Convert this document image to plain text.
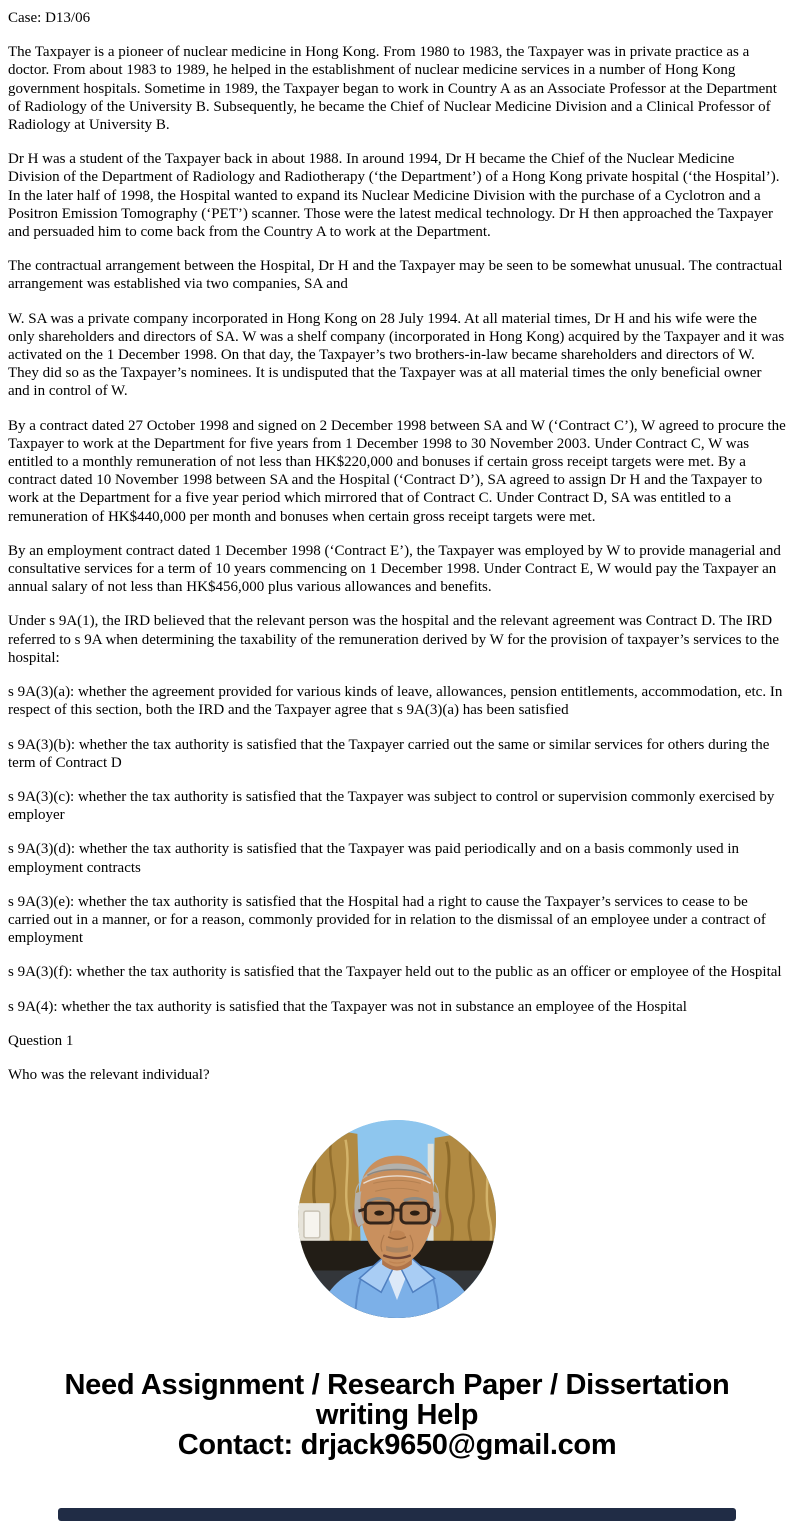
Case: D13/06

The Taxpayer is a pioneer of nuclear medicine in Hong Kong. From 1980 to 1983, the Taxpayer was in private practice as a doctor. From about 1983 to 1989, he helped in the establishment of nuclear medicine services in a number of Hong Kong government hospitals. Sometime in 1989, the Taxpayer began to work in Country A as an Associate Professor at the Department of Radiology of the University B. Subsequently, he became the Chief of Nuclear Medicine Division and a Clinical Professor of Radiology at University B.

Dr H was a student of the Taxpayer back in about 1988. In around 1994, Dr H became the Chief of the Nuclear Medicine Division of the Department of Radiology and Radiotherapy (‘the Department’) of a Hong Kong private hospital (‘the Hospital’). In the later half of 1998, the Hospital wanted to expand its Nuclear Medicine Division with the purchase of a Cyclotron and a Positron Emission Tomography (‘PET’) scanner. Those were the latest medical technology. Dr H then approached the Taxpayer and persuaded him to come back from the Country A to work at the Department.

The contractual arrangement between the Hospital, Dr H and the Taxpayer may be seen to be somewhat unusual. The contractual arrangement was established via two companies, SA and

W. SA was a private company incorporated in Hong Kong on 28 July 1994. At all material times, Dr H and his wife were the only shareholders and directors of SA. W was a shelf company (incorporated in Hong Kong) acquired by the Taxpayer and it was activated on the 1 December 1998. On that day, the Taxpayer’s two brothers-in-law became shareholders and directors of W. They did so as the Taxpayer’s nominees. It is undisputed that the Taxpayer was at all material times the only beneficial owner and in control of W.

By a contract dated 27 October 1998 and signed on 2 December 1998 between SA and W (‘Contract C’), W agreed to procure the Taxpayer to work at the Department for five years from 1 December 1998 to 30 November 2003. Under Contract C, W was entitled to a monthly remuneration of not less than HK$220,000 and bonuses if certain gross receipt targets were met. By a contract dated 10 November 1998 between SA and the Hospital (‘Contract D’), SA agreed to assign Dr H and the Taxpayer to work at the Department for a five year period which mirrored that of Contract C. Under Contract D, SA was entitled to a remuneration of HK$440,000 per month and bonuses when certain gross receipt targets were met.

By an employment contract dated 1 December 1998 (‘Contract E’), the Taxpayer was employed by W to provide managerial and consultative services for a term of 10 years commencing on 1 December 1998. Under Contract E, W would pay the Taxpayer an annual salary of not less than HK$456,000 plus various allowances and benefits.

Under s 9A(1), the IRD believed that the relevant person was the hospital and the relevant agreement was Contract D. The IRD referred to s 9A when determining the taxability of the remuneration derived by W for the provision of taxpayer’s services to the hospital:

s 9A(3)(a): whether the agreement provided for various kinds of leave, allowances, pension entitlements, accommodation, etc. In respect of this section, both the IRD and the Taxpayer agree that s 9A(3)(a) has been satisfied

s 9A(3)(b): whether the tax authority is satisfied that the Taxpayer carried out the same or similar services for others during the term of Contract D

s 9A(3)(c): whether the tax authority is satisfied that the Taxpayer was subject to control or supervision commonly exercised by employer

s 9A(3)(d): whether the tax authority is satisfied that the Taxpayer was paid periodically and on a basis commonly used in employment contracts

s 9A(3)(e): whether the tax authority is satisfied that the Hospital had a right to cause the Taxpayer’s services to cease to be carried out in a manner, or for a reason, commonly provided for in relation to the dismissal of an employee under a contract of employment

s 9A(3)(f): whether the tax authority is satisfied that the Taxpayer held out to the public as an officer or employee of the Hospital

s 9A(4): whether the tax authority is satisfied that the Taxpayer was not in substance an employee of the Hospital

Question 1

Who was the relevant individual?

Need Assignment / Research Paper / Dissertation writing Help
Contact: drjack9650@gmail.com
